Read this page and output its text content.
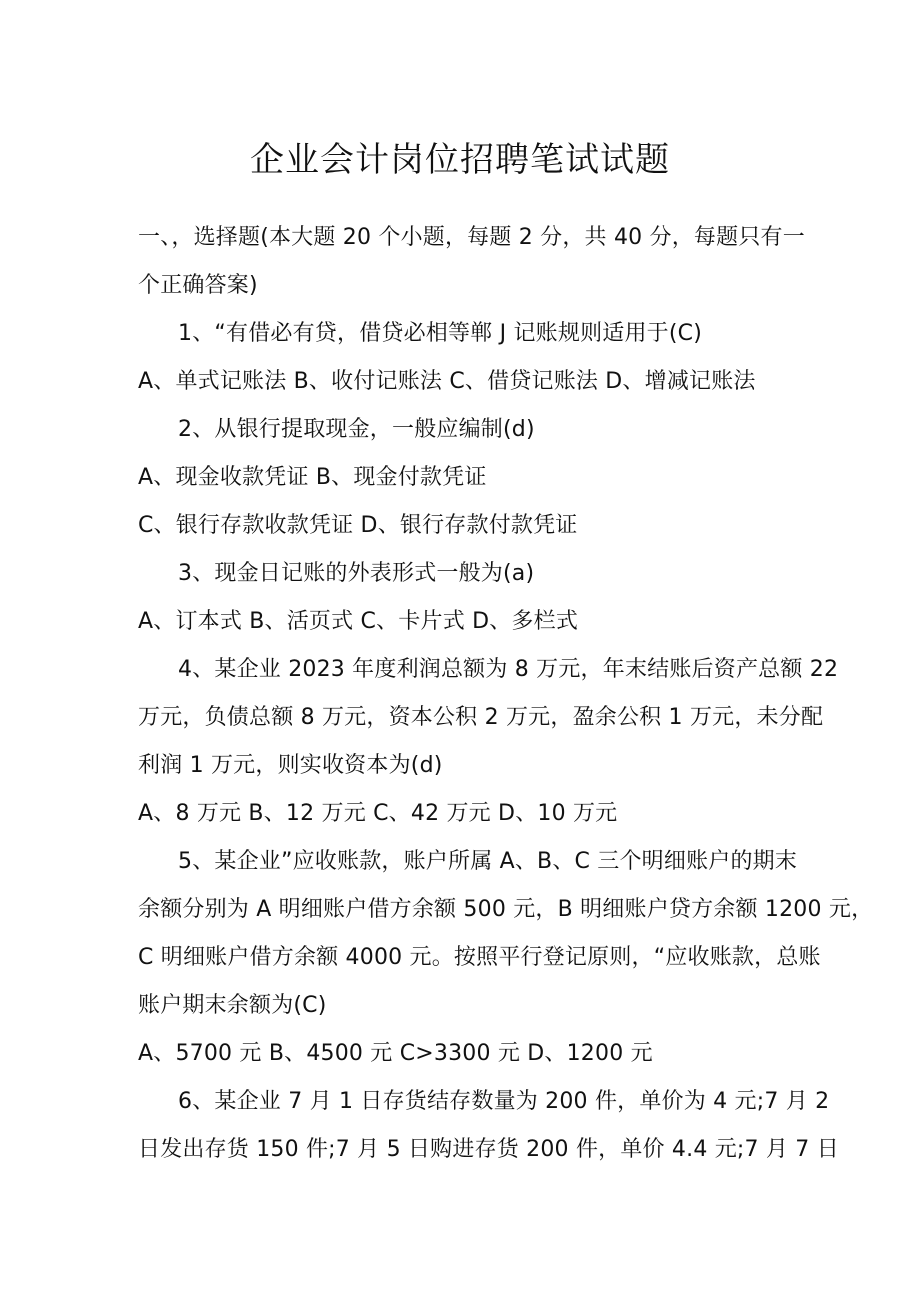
企业会计岗位招聘笔试试题
一、，选择题(本大题 20 个小题，每题 2 分，共 40 分，每题只有一
个正确答案)
1、“有借必有贷，借贷必相等郸 J 记账规则适用于(C)
A、单式记账法 B、收付记账法 C、借贷记账法 D、增减记账法
2、从银行提取现金，一般应编制(d)
A、现金收款凭证 B、现金付款凭证
C、银行存款收款凭证 D、银行存款付款凭证
3、现金日记账的外表形式一般为(a)
A、订本式 B、活页式 C、卡片式 D、多栏式
4、某企业 2023 年度利润总额为 8 万元，年末结账后资产总额 22
万元，负债总额 8 万元，资本公积 2 万元，盈余公积 1 万元，未分配
利润 1 万元，则实收资本为(d)
A、8 万元 B、12 万元 C、42 万元 D、10 万元
5、某企业”应收账款，账户所属 A、B、C 三个明细账户的期末
余额分别为 A 明细账户借方余额 500 元，B 明细账户贷方余额 1200 元，
C 明细账户借方余额 4000 元。按照平行登记原则，“应收账款，总账
账户期末余额为(C)
A、5700 元 B、4500 元 C>3300 元 D、1200 元
6、某企业 7 月 1 日存货结存数量为 200 件，单价为 4 元;7 月 2
日发出存货 150 件;7 月 5 日购进存货 200 件，单价 4.4 元;7 月 7 日
